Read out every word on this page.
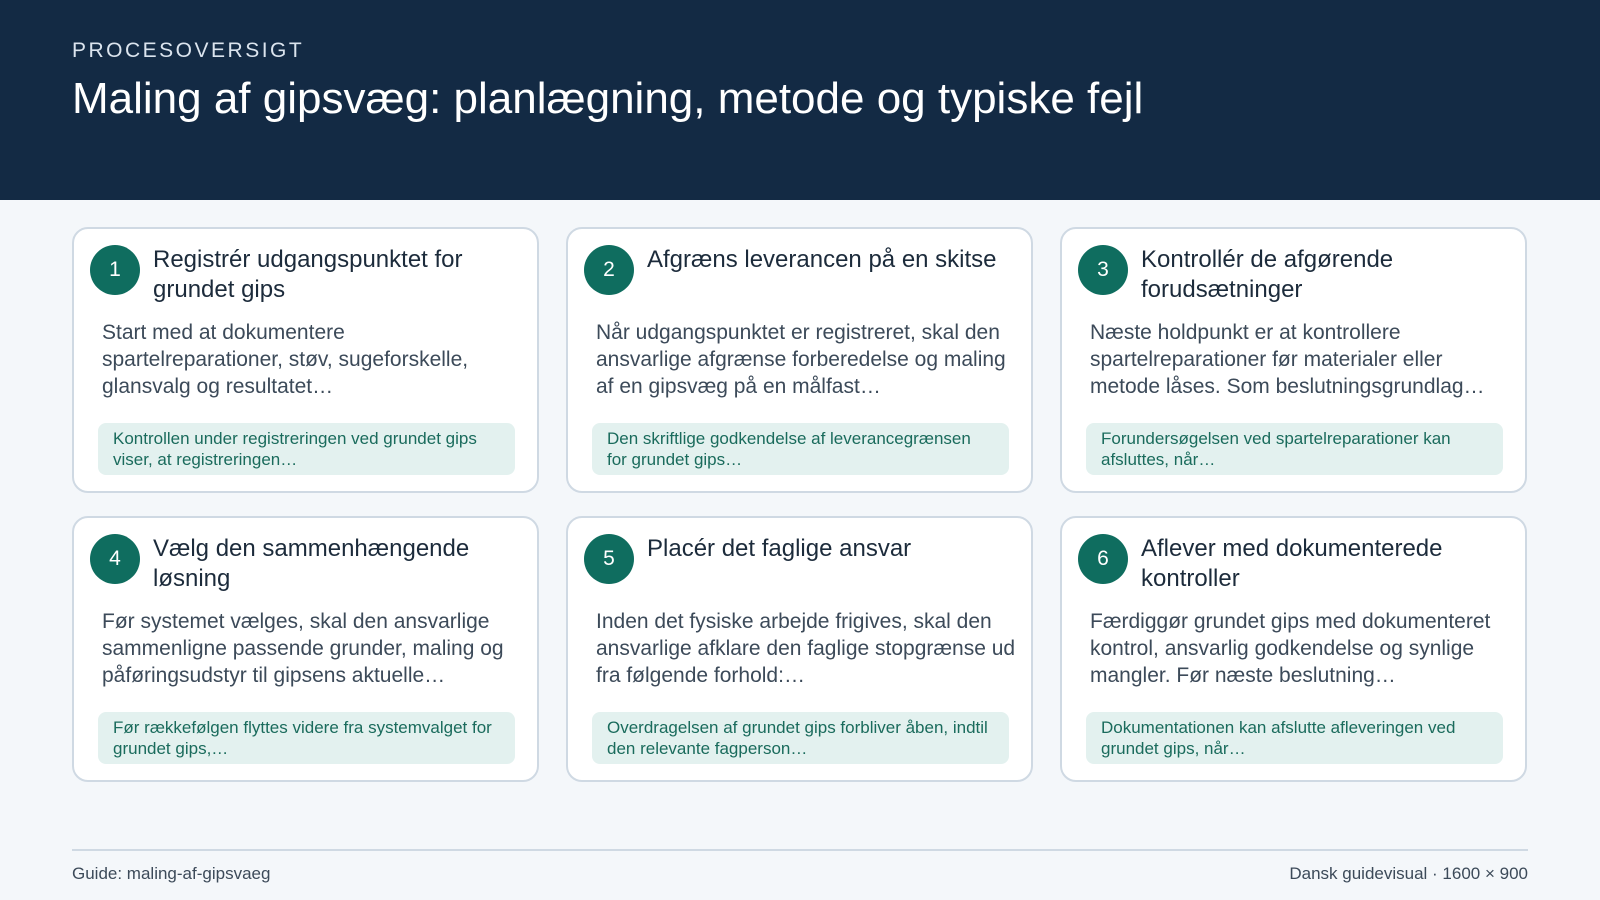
PROCESOVERSIGT
Maling af gipsvæg: planlægning, metode og typiske fejl
1	Registrér udgangspunktet for grundet gips
Start med at dokumentere spartelreparationer, støv, sugeforskelle, glansvalg og resultatet…
Kontrollen under registreringen ved grundet gips viser, at registreringen…
2	Afgræns leverancen på en skitse
Når udgangspunktet er registreret, skal den ansvarlige afgrænse forberedelse og maling af en gipsvæg på en målfast…
Den skriftlige godkendelse af leverancegrænsen for grundet gips…
3	Kontrollér de afgørende forudsætninger
Næste holdpunkt er at kontrollere spartelreparationer før materialer eller metode låses. Som beslutningsgrundlag…
Forundersøgelsen ved spartelreparationer kan afsluttes, når…
4	Vælg den sammenhængende løsning
Før systemet vælges, skal den ansvarlige sammenligne passende grunder, maling og påføringsudstyr til gipsens aktuelle…
Før rækkefølgen flyttes videre fra systemvalget for grundet gips,…
5	Placér det faglige ansvar
Inden det fysiske arbejde frigives, skal den ansvarlige afklare den faglige stopgrænse ud fra følgende forhold:…
Overdragelsen af grundet gips forbliver åben, indtil den relevante fagperson…
6	Aflever med dokumenterede kontroller
Færdiggør grundet gips med dokumenteret kontrol, ansvarlig godkendelse og synlige mangler. Før næste beslutning…
Dokumentationen kan afslutte afleveringen ved grundet gips, når…
Guide: maling-af-gipsvaeg	Dansk guidevisual · 1600 × 900
